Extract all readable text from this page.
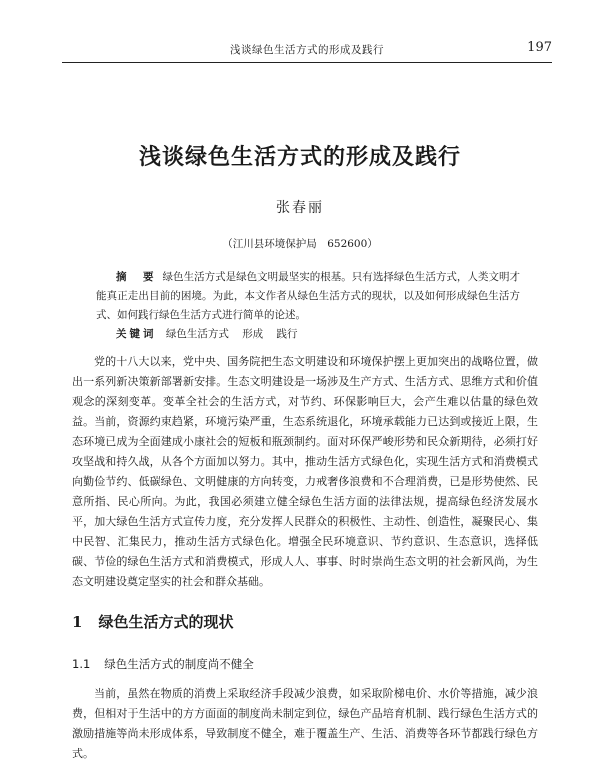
浅谈绿色生活方式的形成及践行	197
浅谈绿色生活方式的形成及践行
张春丽
（江川县环境保护局　652600）

摘　要 绿色生活方式是绿色文明最坚实的根基。只有选择绿色生活方式，人类文明才能真正走出目前的困境。为此，本文作者从绿色生活方式的现状，以及如何形成绿色生活方式、如何践行绿色生活方式进行简单的论述。

关键词 绿色生活方式 形成 践行

党的十八大以来，党中央、国务院把生态文明建设和环境保护摆上更加突出的战略位置，做出一系列新决策新部署新安排。生态文明建设是一场涉及生产方式、生活方式、思维方式和价值观念的深刻变革。变革全社会的生活方式，对节约、环保影响巨大，会产生难以估量的绿色效益。当前，资源约束趋紧，环境污染严重，生态系统退化，环境承载能力已达到或接近上限，生态环境已成为全面建成小康社会的短板和瓶颈制约。面对环保严峻形势和民众新期待，必须打好攻坚战和持久战，从各个方面加以努力。其中，推动生活方式绿色化，实现生活方式和消费模式向勤俭节约、低碳绿色、文明健康的方向转变，力戒奢侈浪费和不合理消费，已是形势使然、民意所指、民心所向。为此，我国必须建立健全绿色生活方面的法律法规，提高绿色经济发展水平，加大绿色生活方式宣传力度，充分发挥人民群众的积极性、主动性、创造性，凝聚民心、集中民智、汇集民力，推动生活方式绿色化。增强全民环境意识、节约意识、生态意识，选择低碳、节俭的绿色生活方式和消费模式，形成人人、事事、时时崇尚生态文明的社会新风尚，为生态文明建设奠定坚实的社会和群众基础。

1 绿色生活方式的现状
1.1 绿色生活方式的制度尚不健全

当前，虽然在物质的消费上采取经济手段减少浪费，如采取阶梯电价、水价等措施，减少浪费，但相对于生活中的方方面面的制度尚未制定到位，绿色产品培育机制、践行绿色生活方式的激励措施等尚未形成体系，导致制度不健全，难于覆盖生产、生活、消费等各环节都践行绿色方式。
